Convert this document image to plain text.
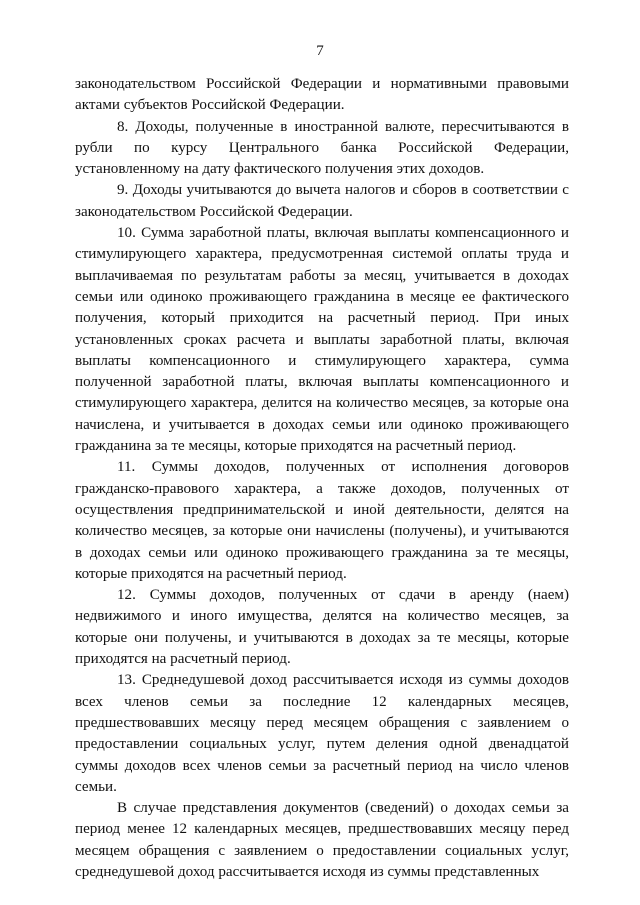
7

законодательством Российской Федерации и нормативными правовыми актами субъектов Российской Федерации.

8. Доходы, полученные в иностранной валюте, пересчитываются в рубли по курсу Центрального банка Российской Федерации, установленному на дату фактического получения этих доходов.

9. Доходы учитываются до вычета налогов и сборов в соответствии с законодательством Российской Федерации.

10. Сумма заработной платы, включая выплаты компенсационного и стимулирующего характера, предусмотренная системой оплаты труда и выплачиваемая по результатам работы за месяц, учитывается в доходах семьи или одиноко проживающего гражданина в месяце ее фактического получения, который приходится на расчетный период. При иных установленных сроках расчета и выплаты заработной платы, включая выплаты компенсационного и стимулирующего характера, сумма полученной заработной платы, включая выплаты компенсационного и стимулирующего характера, делится на количество месяцев, за которые она начислена, и учитывается в доходах семьи или одиноко проживающего гражданина за те месяцы, которые приходятся на расчетный период.

11. Суммы доходов, полученных от исполнения договоров гражданско-правового характера, а также доходов, полученных от осуществления предпринимательской и иной деятельности, делятся на количество месяцев, за которые они начислены (получены), и учитываются в доходах семьи или одиноко проживающего гражданина за те месяцы, которые приходятся на расчетный период.

12. Суммы доходов, полученных от сдачи в аренду (наем) недвижимого и иного имущества, делятся на количество месяцев, за которые они получены, и учитываются в доходах за те месяцы, которые приходятся на расчетный период.

13. Среднедушевой доход рассчитывается исходя из суммы доходов всех членов семьи за последние 12 календарных месяцев, предшествовавших месяцу перед месяцем обращения с заявлением о предоставлении социальных услуг, путем деления одной двенадцатой суммы доходов всех членов семьи за расчетный период на число членов семьи.

В случае представления документов (сведений) о доходах семьи за период менее 12 календарных месяцев, предшествовавших месяцу перед месяцем обращения с заявлением о предоставлении социальных услуг, среднедушевой доход рассчитывается исходя из суммы представленных
